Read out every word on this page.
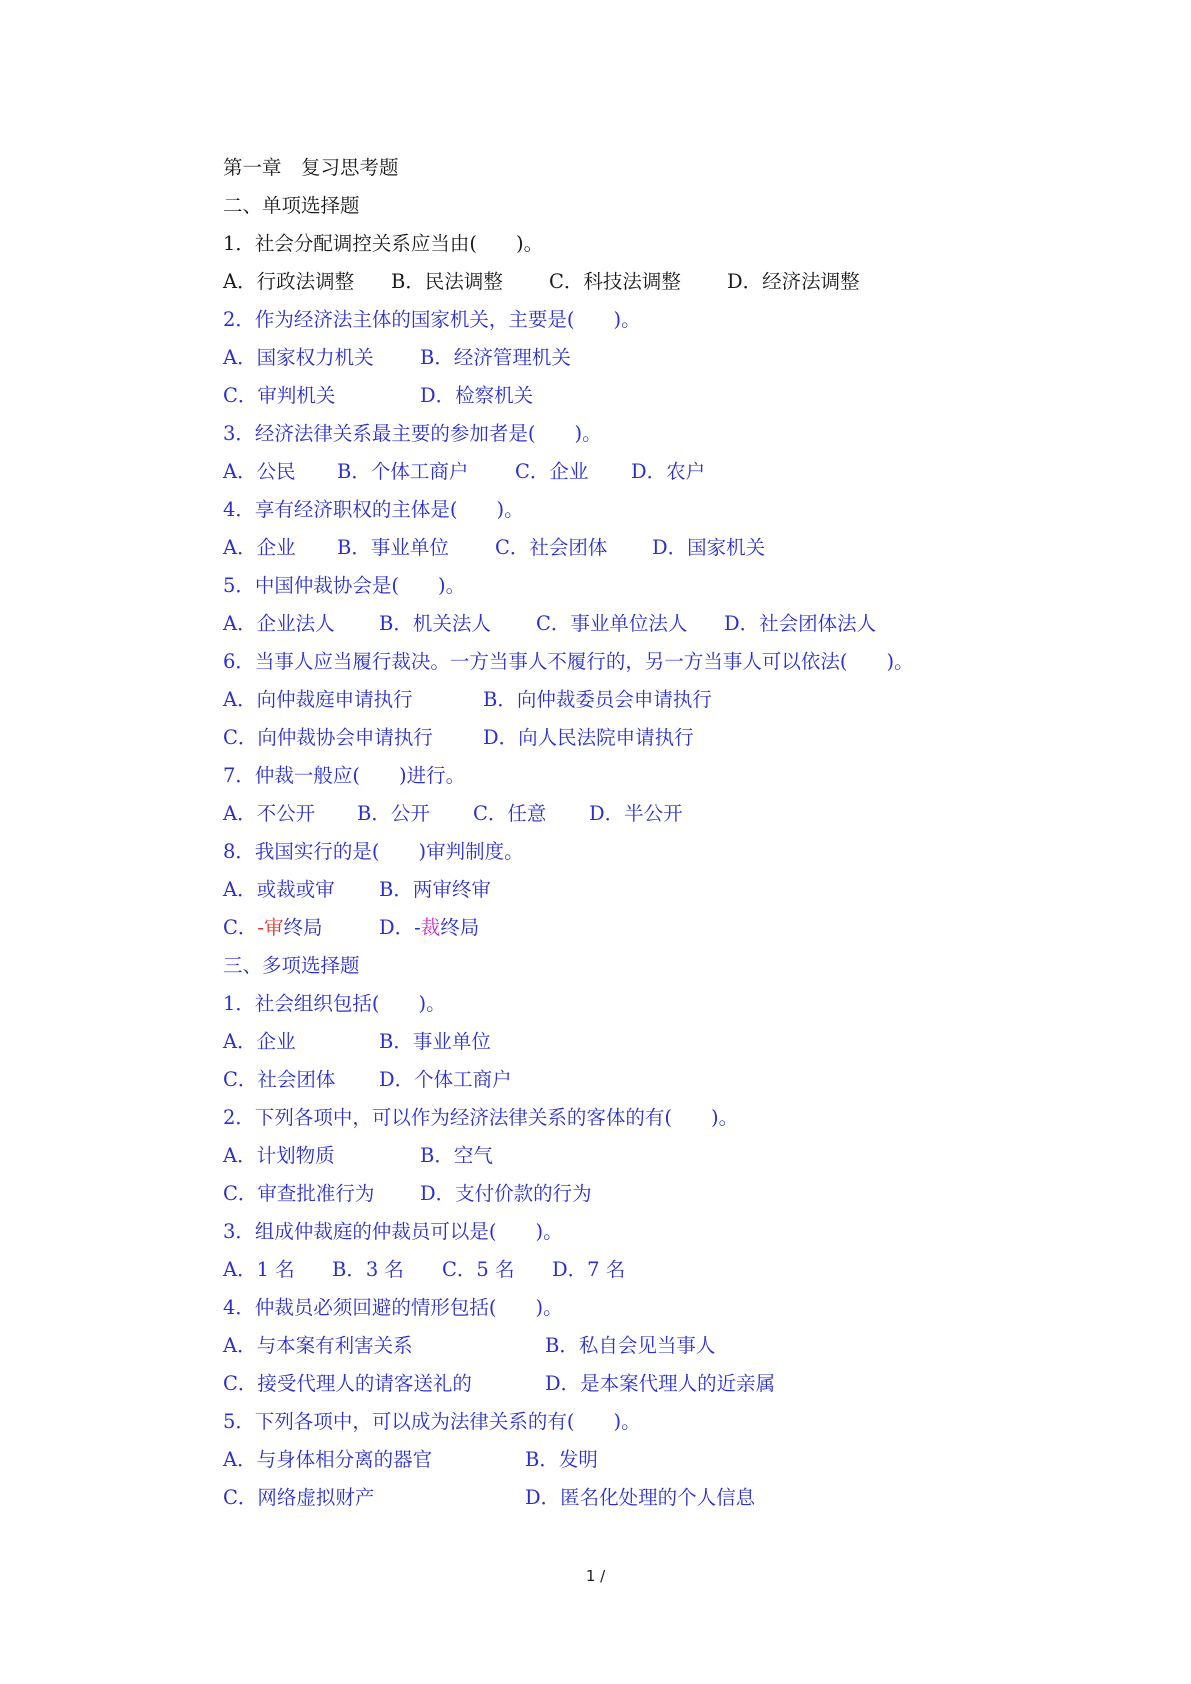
第一章　复习思考题
二、单项选择题
1．社会分配调控关系应当由(　　)。
A．行政法调整 B．民法调整 C．科技法调整 D．经济法调整
2．作为经济法主体的国家机关，主要是(　　)。
A．国家权力机关 B．经济管理机关
C．审判机关	D．检察机关
3．经济法律关系最主要的参加者是(　　)。
A．公民 B．个体工商户 C．企业 D．农户
4．享有经济职权的主体是(　　)。
A．企业 B．事业单位 C．社会团体 D．国家机关
5．中国仲裁协会是(　　)。
A．企业法人 B．机关法人 C．事业单位法人 D．社会团体法人
6．当事人应当履行裁决。一方当事人不履行的，另一方当事人可以依法(　　)。
A．向仲裁庭申请执行	B．向仲裁委员会申请执行
C．向仲裁协会申请执行	D．向人民法院申请执行
7．仲裁一般应(　　)进行。
A．不公开 B．公开 C．任意 D．半公开
8．我国实行的是(　　)审判制度。
A．或裁或审 B．两审终审
C．-审终局	D．-裁终局
三、多项选择题
1．社会组织包括(　　)。
A．企业	B．事业单位
C．社会团体 D．个体工商户
2．下列各项中，可以作为经济法律关系的客体的有(　　)。
A．计划物质	B．空气
C．审查批准行为 D．支付价款的行为
3．组成仲裁庭的仲裁员可以是(　　)。
A．1 名 B．3 名 C．5 名 D．7 名
4．仲裁员必须回避的情形包括(　　)。
A．与本案有利害关系	B．私自会见当事人
C．接受代理人的请客送礼的	D．是本案代理人的近亲属
5．下列各项中，可以成为法律关系的有(　　)。
A．与身体相分离的器官	B．发明
C．网络虚拟财产	D．匿名化处理的个人信息
1 /
